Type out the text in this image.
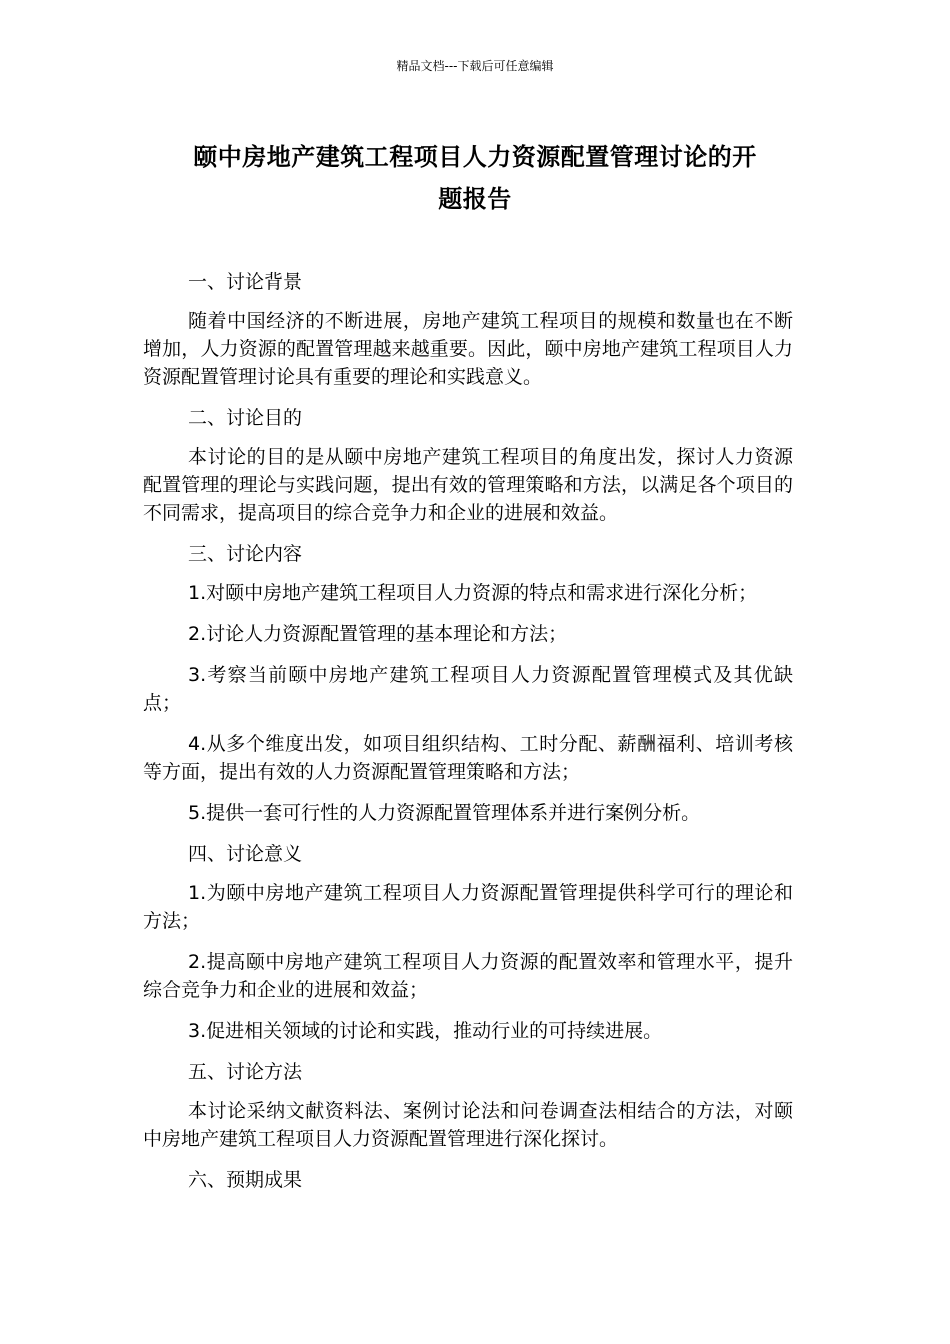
精品文档---下载后可任意编辑
颐中房地产建筑工程项目人力资源配置管理讨论的开
题报告

一、讨论背景

随着中国经济的不断进展，房地产建筑工程项目的规模和数量也在不断增加，人力资源的配置管理越来越重要。因此，颐中房地产建筑工程项目人力资源配置管理讨论具有重要的理论和实践意义。

二、讨论目的

本讨论的目的是从颐中房地产建筑工程项目的角度出发，探讨人力资源配置管理的理论与实践问题，提出有效的管理策略和方法，以满足各个项目的不同需求，提高项目的综合竞争力和企业的进展和效益。

三、讨论内容

1.对颐中房地产建筑工程项目人力资源的特点和需求进行深化分析；

2.讨论人力资源配置管理的基本理论和方法；

3.考察当前颐中房地产建筑工程项目人力资源配置管理模式及其优缺点；

4.从多个维度出发，如项目组织结构、工时分配、薪酬福利、培训考核等方面，提出有效的人力资源配置管理策略和方法；

5.提供一套可行性的人力资源配置管理体系并进行案例分析。

四、讨论意义

1.为颐中房地产建筑工程项目人力资源配置管理提供科学可行的理论和方法；

2.提高颐中房地产建筑工程项目人力资源的配置效率和管理水平，提升综合竞争力和企业的进展和效益；

3.促进相关领域的讨论和实践，推动行业的可持续进展。

五、讨论方法

本讨论采纳文献资料法、案例讨论法和问卷调查法相结合的方法，对颐中房地产建筑工程项目人力资源配置管理进行深化探讨。

六、预期成果
